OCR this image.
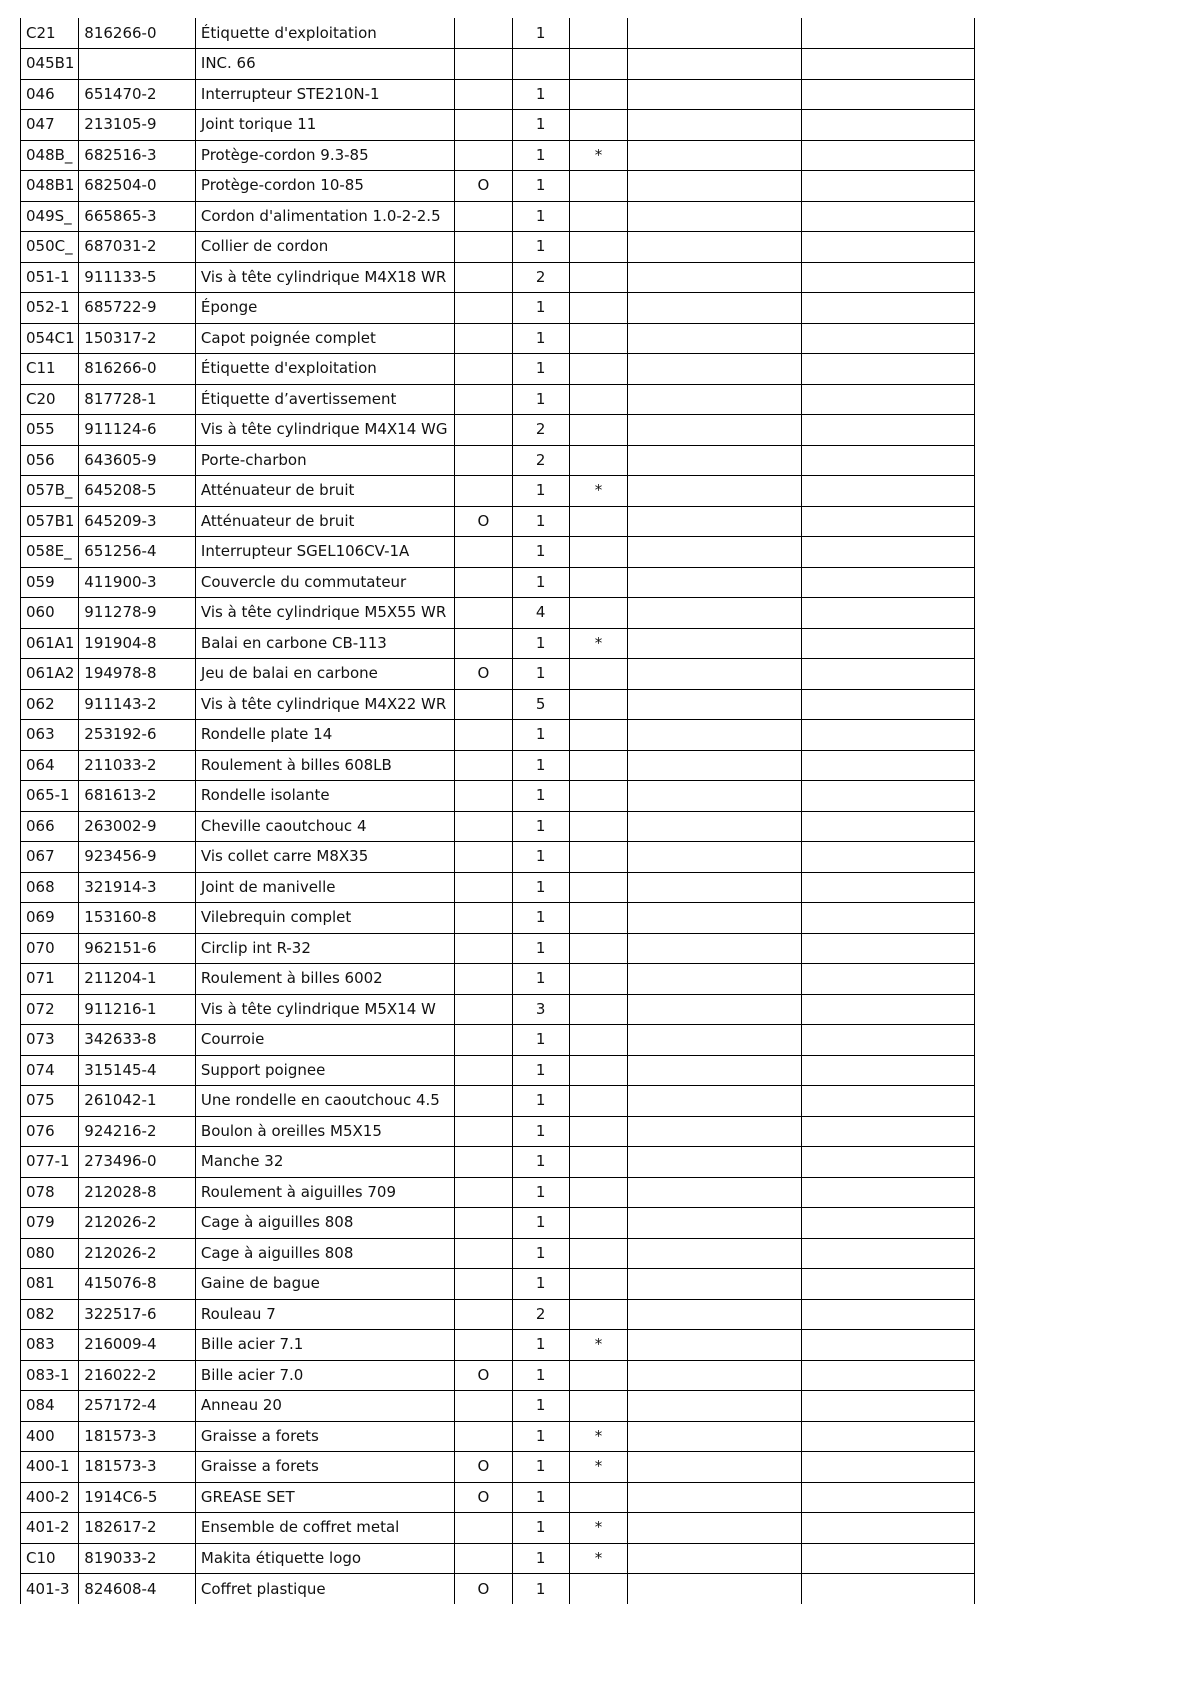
C21	816266-0	Étiquette d'exploitation		1			
045B1		INC. 66					
046	651470-2	Interrupteur STE210N-1		1			
047	213105-9	Joint torique 11		1			
048B_	682516-3	Protège-cordon 9.3-85		1	*		
048B1	682504-0	Protège-cordon 10-85	O	1			
049S_	665865-3	Cordon d'alimentation 1.0-2-2.5		1			
050C_	687031-2	Collier de cordon		1			
051-1	911133-5	Vis à tête cylindrique M4X18 WR		2			
052-1	685722-9	Éponge		1			
054C1	150317-2	Capot poignée complet		1			
C11	816266-0	Étiquette d'exploitation		1			
C20	817728-1	Étiquette d’avertissement		1			
055	911124-6	Vis à tête cylindrique M4X14 WG		2			
056	643605-9	Porte-charbon		2			
057B_	645208-5	Atténuateur de bruit		1	*		
057B1	645209-3	Atténuateur de bruit	O	1			
058E_	651256-4	Interrupteur SGEL106CV-1A		1			
059	411900-3	Couvercle du commutateur		1			
060	911278-9	Vis à tête cylindrique M5X55 WR		4			
061A1	191904-8	Balai en carbone CB-113		1	*		
061A2	194978-8	Jeu de balai en carbone	O	1			
062	911143-2	Vis à tête cylindrique M4X22 WR		5			
063	253192-6	Rondelle plate 14		1			
064	211033-2	Roulement à billes 608LB		1			
065-1	681613-2	Rondelle isolante		1			
066	263002-9	Cheville caoutchouc 4		1			
067	923456-9	Vis collet carre M8X35		1			
068	321914-3	Joint de manivelle		1			
069	153160-8	Vilebrequin complet		1			
070	962151-6	Circlip int R-32		1			
071	211204-1	Roulement à billes 6002		1			
072	911216-1	Vis à tête cylindrique M5X14 W		3			
073	342633-8	Courroie		1			
074	315145-4	Support poignee		1			
075	261042-1	Une rondelle en caoutchouc 4.5		1			
076	924216-2	Boulon à oreilles M5X15		1			
077-1	273496-0	Manche 32		1			
078	212028-8	Roulement à aiguilles 709		1			
079	212026-2	Cage à aiguilles 808		1			
080	212026-2	Cage à aiguilles 808		1			
081	415076-8	Gaine de bague		1			
082	322517-6	Rouleau 7		2			
083	216009-4	Bille acier 7.1		1	*		
083-1	216022-2	Bille acier 7.0	O	1			
084	257172-4	Anneau 20		1			
400	181573-3	Graisse a forets		1	*		
400-1	181573-3	Graisse a forets	O	1	*		
400-2	1914C6-5	GREASE SET	O	1			
401-2	182617-2	Ensemble de coffret metal		1	*		
C10	819033-2	Makita étiquette logo		1	*		
401-3	824608-4	Coffret plastique	O	1			
